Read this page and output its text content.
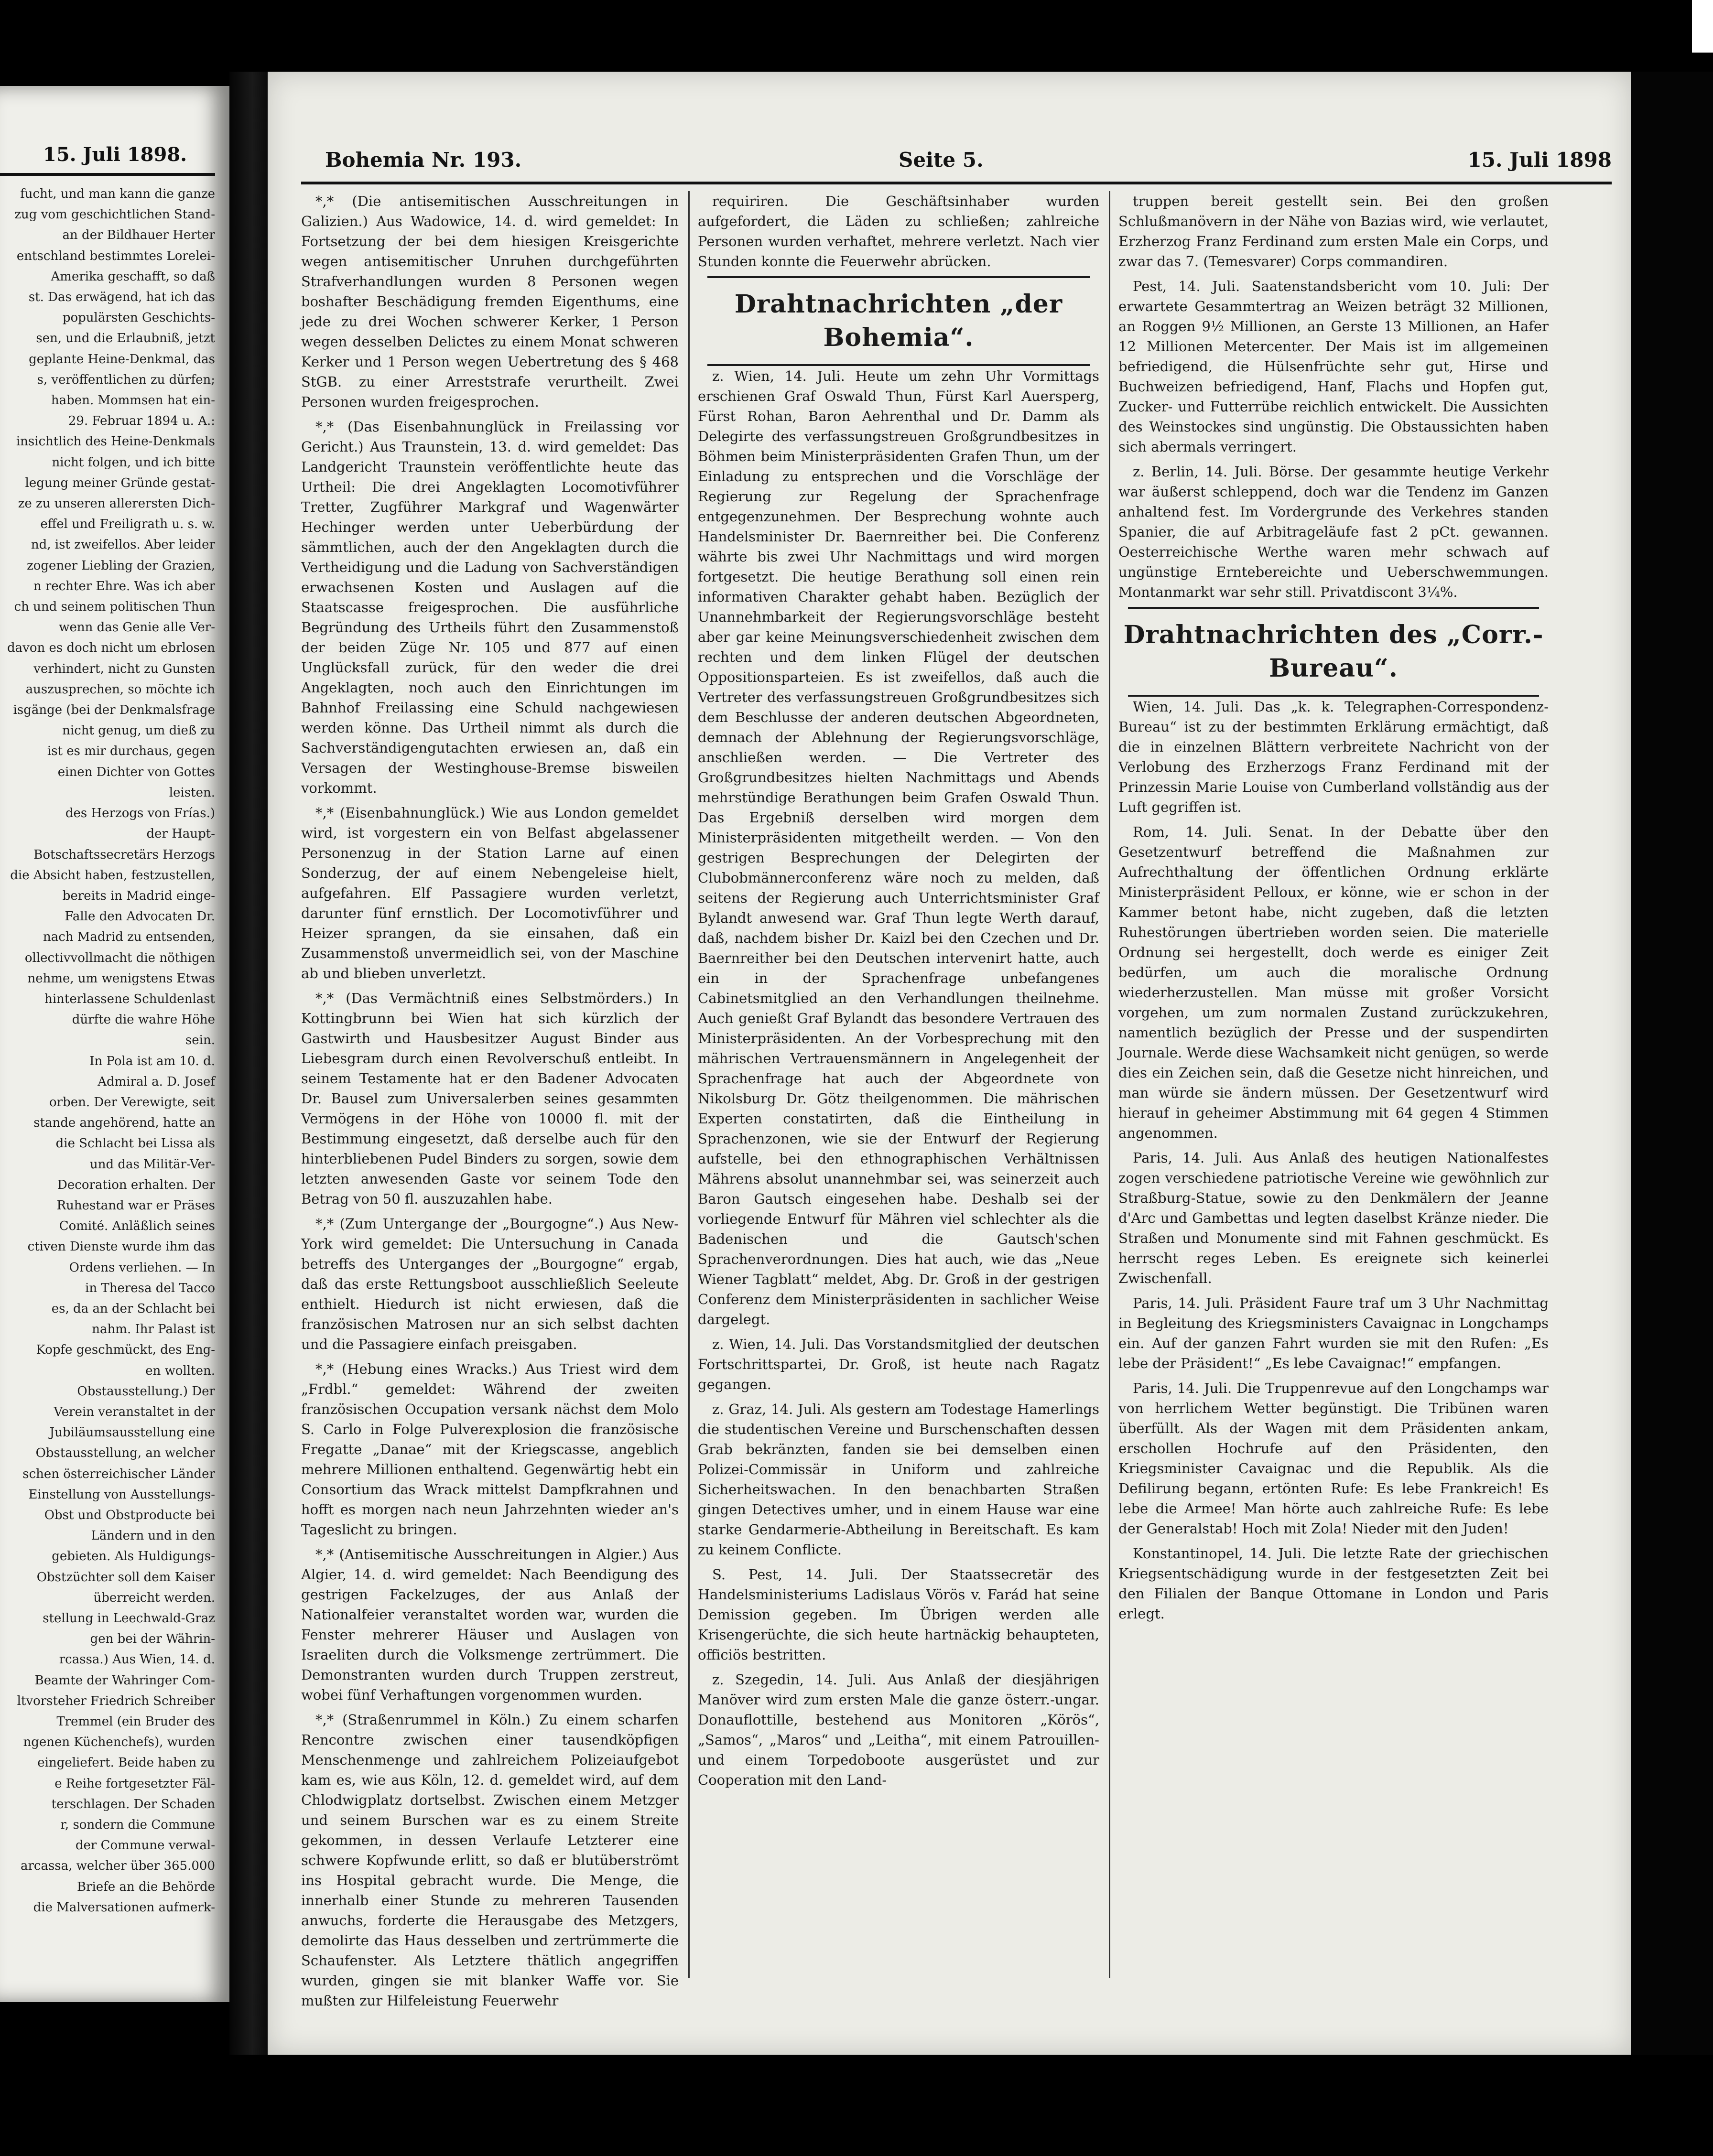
15. Juli 1898.
fucht, und man kann die ganze
zug vom geschichtlichen Stand-
an der Bildhauer Herter
entschland bestimmtes Lorelei-
Amerika geschafft, so daß
st. Das erwägend, hat ich das
populärsten Geschichts-
sen, und die Erlaubniß, jetzt
geplante Heine-Denkmal, das
s, veröffentlichen zu dürfen;
haben. Mommsen hat ein-
29. Februar 1894 u. A.:
insichtlich des Heine-Denkmals
nicht folgen, und ich bitte
legung meiner Gründe gestat-
ze zu unseren allerersten Dich-
effel und Freiligrath u. s. w.
nd, ist zweifellos. Aber leider
zogener Liebling der Grazien,
n rechter Ehre. Was ich aber
ch und seinem politischen Thun
wenn das Genie alle Ver-
davon es doch nicht um ebrlosen
verhindert, nicht zu Gunsten
auszusprechen, so möchte ich
isgänge (bei der Denkmalsfrage
nicht genug, um dieß zu
ist es mir durchaus, gegen
einen Dichter von Gottes
leisten.
des Herzogs von Frías.)
der Haupt-
Botschaftssecretärs Herzogs
die Absicht haben, festzustellen,
bereits in Madrid einge-
Falle den Advocaten Dr.
nach Madrid zu entsenden,
ollectivvollmacht die nöthigen
nehme, um wenigstens Etwas
hinterlassene Schuldenlast
dürfte die wahre Höhe
sein.
In Pola ist am 10. d.
Admiral a. D. Josef
orben. Der Verewigte, seit
stande angehörend, hatte an
die Schlacht bei Lissa als
und das Militär-Ver-
Decoration erhalten. Der
Ruhestand war er Präses
Comité. Anläßlich seines
ctiven Dienste wurde ihm das
Ordens verliehen. — In
in Theresa del Tacco
es, da an der Schlacht bei
nahm. Ihr Palast ist
Kopfe geschmückt, des Eng-
en wollten.
Obstausstellung.) Der
Verein veranstaltet in der
Jubiläumsausstellung eine
Obstausstellung, an welcher
schen österreichischer Länder
Einstellung von Ausstellungs-
Obst und Obstproducte bei
Ländern und in den
gebieten. Als Huldigungs-
Obstzüchter soll dem Kaiser
überreicht werden.
stellung in Leechwald-Graz
gen bei der Währin-
rcassa.) Aus Wien, 14. d.
Beamte der Wahringer Com-
ltvorsteher Friedrich Schreiber
Tremmel (ein Bruder des
ngenen Küchenchefs), wurden
eingeliefert. Beide haben zu
e Reihe fortgesetzter Fäl-
terschlagen. Der Schaden
r, sondern die Commune
der Commune verwal-
arcassa, welcher über 365.000
Briefe an die Behörde
die Malversationen aufmerk-
Bohemia Nr. 193.	Seite 5.	15. Juli 1898

*,* (Die antisemitischen Ausschreitungen in Galizien.) Aus Wadowice, 14. d. wird gemeldet: In Fortsetzung der bei dem hiesigen Kreisgerichte wegen antisemitischer Unruhen durchgeführten Strafverhandlungen wurden 8 Personen wegen boshafter Beschädigung fremden Eigenthums, eine jede zu drei Wochen schwerer Kerker, 1 Person wegen desselben Delictes zu einem Monat schweren Kerker und 1 Person wegen Uebertretung des § 468 StGB. zu einer Arreststrafe verurtheilt. Zwei Personen wurden freigesprochen.

*,* (Das Eisenbahnunglück in Freilassing vor Gericht.) Aus Traunstein, 13. d. wird gemeldet: Das Landgericht Traunstein veröffentlichte heute das Urtheil: Die drei Angeklagten Locomotivführer Tretter, Zugführer Markgraf und Wagenwärter Hechinger werden unter Ueberbürdung der sämmtlichen, auch der den Angeklagten durch die Vertheidigung und die Ladung von Sachverständigen erwachsenen Kosten und Auslagen auf die Staatscasse freigesprochen. Die ausführliche Begründung des Urtheils führt den Zusammenstoß der beiden Züge Nr. 105 und 877 auf einen Unglücksfall zurück, für den weder die drei Angeklagten, noch auch den Einrichtungen im Bahnhof Freilassing eine Schuld nachgewiesen werden könne. Das Urtheil nimmt als durch die Sachverständigengutachten erwiesen an, daß ein Versagen der Westinghouse-Bremse bisweilen vorkommt.

*,* (Eisenbahnunglück.) Wie aus London gemeldet wird, ist vorgestern ein von Belfast abgelassener Personenzug in der Station Larne auf einen Sonderzug, der auf einem Nebengeleise hielt, aufgefahren. Elf Passagiere wurden verletzt, darunter fünf ernstlich. Der Locomotivführer und Heizer sprangen, da sie einsahen, daß ein Zusammenstoß unvermeidlich sei, von der Maschine ab und blieben unverletzt.

*,* (Das Vermächtniß eines Selbstmörders.) In Kottingbrunn bei Wien hat sich kürzlich der Gastwirth und Hausbesitzer August Binder aus Liebesgram durch einen Revolverschuß entleibt. In seinem Testamente hat er den Badener Advocaten Dr. Bausel zum Universalerben seines gesammten Vermögens in der Höhe von 10000 fl. mit der Bestimmung eingesetzt, daß derselbe auch für den hinterbliebenen Pudel Binders zu sorgen, sowie dem letzten anwesenden Gaste vor seinem Tode den Betrag von 50 fl. auszuzahlen habe.

*,* (Zum Untergange der „Bourgogne“.) Aus New-York wird gemeldet: Die Untersuchung in Canada betreffs des Unterganges der „Bourgogne“ ergab, daß das erste Rettungsboot ausschließlich Seeleute enthielt. Hiedurch ist nicht erwiesen, daß die französischen Matrosen nur an sich selbst dachten und die Passagiere einfach preisgaben.

*,* (Hebung eines Wracks.) Aus Triest wird dem „Frdbl.“ gemeldet: Während der zweiten französischen Occupation versank nächst dem Molo S. Carlo in Folge Pulverexplosion die französische Fregatte „Danae“ mit der Kriegscasse, angeblich mehrere Millionen enthaltend. Gegenwärtig hebt ein Consortium das Wrack mittelst Dampfkrahnen und hofft es morgen nach neun Jahrzehnten wieder an's Tageslicht zu bringen.

*,* (Antisemitische Ausschreitungen in Algier.) Aus Algier, 14. d. wird gemeldet: Nach Beendigung des gestrigen Fackelzuges, der aus Anlaß der Nationalfeier veranstaltet worden war, wurden die Fenster mehrerer Häuser und Auslagen von Israeliten durch die Volksmenge zertrümmert. Die Demonstranten wurden durch Truppen zerstreut, wobei fünf Verhaftungen vorgenommen wurden.

*,* (Straßenrummel in Köln.) Zu einem scharfen Rencontre zwischen einer tausendköpfigen Menschenmenge und zahlreichem Polizeiaufgebot kam es, wie aus Köln, 12. d. gemeldet wird, auf dem Chlodwigplatz dortselbst. Zwischen einem Metzger und seinem Burschen war es zu einem Streite gekommen, in dessen Verlaufe Letzterer eine schwere Kopfwunde erlitt, so daß er blutüberströmt ins Hospital gebracht wurde. Die Menge, die innerhalb einer Stunde zu mehreren Tausenden anwuchs, forderte die Herausgabe des Metzgers, demolirte das Haus desselben und zertrümmerte die Schaufenster. Als Letztere thätlich angegriffen wurden, gingen sie mit blanker Waffe vor. Sie mußten zur Hilfeleistung Feuerwehr

requiriren. Die Geschäftsinhaber wurden aufgefordert, die Läden zu schließen; zahlreiche Personen wurden verhaftet, mehrere verletzt. Nach vier Stunden konnte die Feuerwehr abrücken.

Drahtnachrichten „der Bohemia“.

z. Wien, 14. Juli. Heute um zehn Uhr Vormittags erschienen Graf Oswald Thun, Fürst Karl Auersperg, Fürst Rohan, Baron Aehrenthal und Dr. Damm als Delegirte des verfassungstreuen Großgrundbesitzes in Böhmen beim Ministerpräsidenten Grafen Thun, um der Einladung zu entsprechen und die Vorschläge der Regierung zur Regelung der Sprachenfrage entgegenzunehmen. Der Besprechung wohnte auch Handelsminister Dr. Baernreither bei. Die Conferenz währte bis zwei Uhr Nachmittags und wird morgen fortgesetzt. Die heutige Berathung soll einen rein informativen Charakter gehabt haben. Bezüglich der Unannehmbarkeit der Regierungsvorschläge besteht aber gar keine Meinungsverschiedenheit zwischen dem rechten und dem linken Flügel der deutschen Oppositionsparteien. Es ist zweifellos, daß auch die Vertreter des verfassungstreuen Großgrundbesitzes sich dem Beschlusse der anderen deutschen Abgeordneten, demnach der Ablehnung der Regierungsvorschläge, anschließen werden. — Die Vertreter des Großgrundbesitzes hielten Nachmittags und Abends mehrstündige Berathungen beim Grafen Oswald Thun. Das Ergebniß derselben wird morgen dem Ministerpräsidenten mitgetheilt werden. — Von den gestrigen Besprechungen der Delegirten der Clubobmännerconferenz wäre noch zu melden, daß seitens der Regierung auch Unterrichtsminister Graf Bylandt anwesend war. Graf Thun legte Werth darauf, daß, nachdem bisher Dr. Kaizl bei den Czechen und Dr. Baernreither bei den Deutschen intervenirt hatte, auch ein in der Sprachenfrage unbefangenes Cabinetsmitglied an den Verhandlungen theilnehme. Auch genießt Graf Bylandt das besondere Vertrauen des Ministerpräsidenten. An der Vorbesprechung mit den mährischen Vertrauensmännern in Angelegenheit der Sprachenfrage hat auch der Abgeordnete von Nikolsburg Dr. Götz theilgenommen. Die mährischen Experten constatirten, daß die Eintheilung in Sprachenzonen, wie sie der Entwurf der Regierung aufstelle, bei den ethnographischen Verhältnissen Mährens absolut unannehmbar sei, was seinerzeit auch Baron Gautsch eingesehen habe. Deshalb sei der vorliegende Entwurf für Mähren viel schlechter als die Badenischen und die Gautsch'schen Sprachenverordnungen. Dies hat auch, wie das „Neue Wiener Tagblatt“ meldet, Abg. Dr. Groß in der gestrigen Conferenz dem Ministerpräsidenten in sachlicher Weise dargelegt.

z. Wien, 14. Juli. Das Vorstandsmitglied der deutschen Fortschrittspartei, Dr. Groß, ist heute nach Ragatz gegangen.

z. Graz, 14. Juli. Als gestern am Todestage Hamerlings die studentischen Vereine und Burschenschaften dessen Grab bekränzten, fanden sie bei demselben einen Polizei-Commissär in Uniform und zahlreiche Sicherheitswachen. In den benachbarten Straßen gingen Detectives umher, und in einem Hause war eine starke Gendarmerie-Abtheilung in Bereitschaft. Es kam zu keinem Conflicte.

S. Pest, 14. Juli. Der Staatssecretär des Handelsministeriums Ladislaus Vörös v. Farád hat seine Demission gegeben. Im Übrigen werden alle Krisengerüchte, die sich heute hartnäckig behaupteten, officiös bestritten.

z. Szegedin, 14. Juli. Aus Anlaß der diesjährigen Manöver wird zum ersten Male die ganze österr.-ungar. Donauflottille, bestehend aus Monitoren „Körös“, „Samos“, „Maros“ und „Leitha“, mit einem Patrouillen- und einem Torpedoboote ausgerüstet und zur Cooperation mit den Land-

truppen bereit gestellt sein. Bei den großen Schlußmanövern in der Nähe von Bazias wird, wie verlautet, Erzherzog Franz Ferdinand zum ersten Male ein Corps, und zwar das 7. (Temesvarer) Corps commandiren.

Pest, 14. Juli. Saatenstandsbericht vom 10. Juli: Der erwartete Gesammtertrag an Weizen beträgt 32 Millionen, an Roggen 9½ Millionen, an Gerste 13 Millionen, an Hafer 12 Millionen Metercenter. Der Mais ist im allgemeinen befriedigend, die Hülsenfrüchte sehr gut, Hirse und Buchweizen befriedigend, Hanf, Flachs und Hopfen gut, Zucker- und Futterrübe reichlich entwickelt. Die Aussichten des Weinstockes sind ungünstig. Die Obstaussichten haben sich abermals verringert.

z. Berlin, 14. Juli. Börse. Der gesammte heutige Verkehr war äußerst schleppend, doch war die Tendenz im Ganzen anhaltend fest. Im Vordergrunde des Verkehres standen Spanier, die auf Arbitrageläufe fast 2 pCt. gewannen. Oesterreichische Werthe waren mehr schwach auf ungünstige Erntebereichte und Ueberschwemmungen. Montanmarkt war sehr still. Privatdiscont 3¼%.

Drahtnachrichten des „Corr.-Bureau“.

Wien, 14. Juli. Das „k. k. Telegraphen-Correspondenz-Bureau“ ist zu der bestimmten Erklärung ermächtigt, daß die in einzelnen Blättern verbreitete Nachricht von der Verlobung des Erzherzogs Franz Ferdinand mit der Prinzessin Marie Louise von Cumberland vollständig aus der Luft gegriffen ist.

Rom, 14. Juli. Senat. In der Debatte über den Gesetzentwurf betreffend die Maßnahmen zur Aufrechthaltung der öffentlichen Ordnung erklärte Ministerpräsident Pelloux, er könne, wie er schon in der Kammer betont habe, nicht zugeben, daß die letzten Ruhestörungen übertrieben worden seien. Die materielle Ordnung sei hergestellt, doch werde es einiger Zeit bedürfen, um auch die moralische Ordnung wiederherzustellen. Man müsse mit großer Vorsicht vorgehen, um zum normalen Zustand zurückzukehren, namentlich bezüglich der Presse und der suspendirten Journale. Werde diese Wachsamkeit nicht genügen, so werde dies ein Zeichen sein, daß die Gesetze nicht hinreichen, und man würde sie ändern müssen. Der Gesetzentwurf wird hierauf in geheimer Abstimmung mit 64 gegen 4 Stimmen angenommen.

Paris, 14. Juli. Aus Anlaß des heutigen Nationalfestes zogen verschiedene patriotische Vereine wie gewöhnlich zur Straßburg-Statue, sowie zu den Denkmälern der Jeanne d'Arc und Gambettas und legten daselbst Kränze nieder. Die Straßen und Monumente sind mit Fahnen geschmückt. Es herrscht reges Leben. Es ereignete sich keinerlei Zwischenfall.

Paris, 14. Juli. Präsident Faure traf um 3 Uhr Nachmittag in Begleitung des Kriegsministers Cavaignac in Longchamps ein. Auf der ganzen Fahrt wurden sie mit den Rufen: „Es lebe der Präsident!“ „Es lebe Cavaignac!“ empfangen.

Paris, 14. Juli. Die Truppenrevue auf den Longchamps war von herrlichem Wetter begünstigt. Die Tribünen waren überfüllt. Als der Wagen mit dem Präsidenten ankam, erschollen Hochrufe auf den Präsidenten, den Kriegsminister Cavaignac und die Republik. Als die Defilirung begann, ertönten Rufe: Es lebe Frankreich! Es lebe die Armee! Man hörte auch zahlreiche Rufe: Es lebe der Generalstab! Hoch mit Zola! Nieder mit den Juden!

Konstantinopel, 14. Juli. Die letzte Rate der griechischen Kriegsentschädigung wurde in der festgesetzten Zeit bei den Filialen der Banque Ottomane in London und Paris erlegt.
